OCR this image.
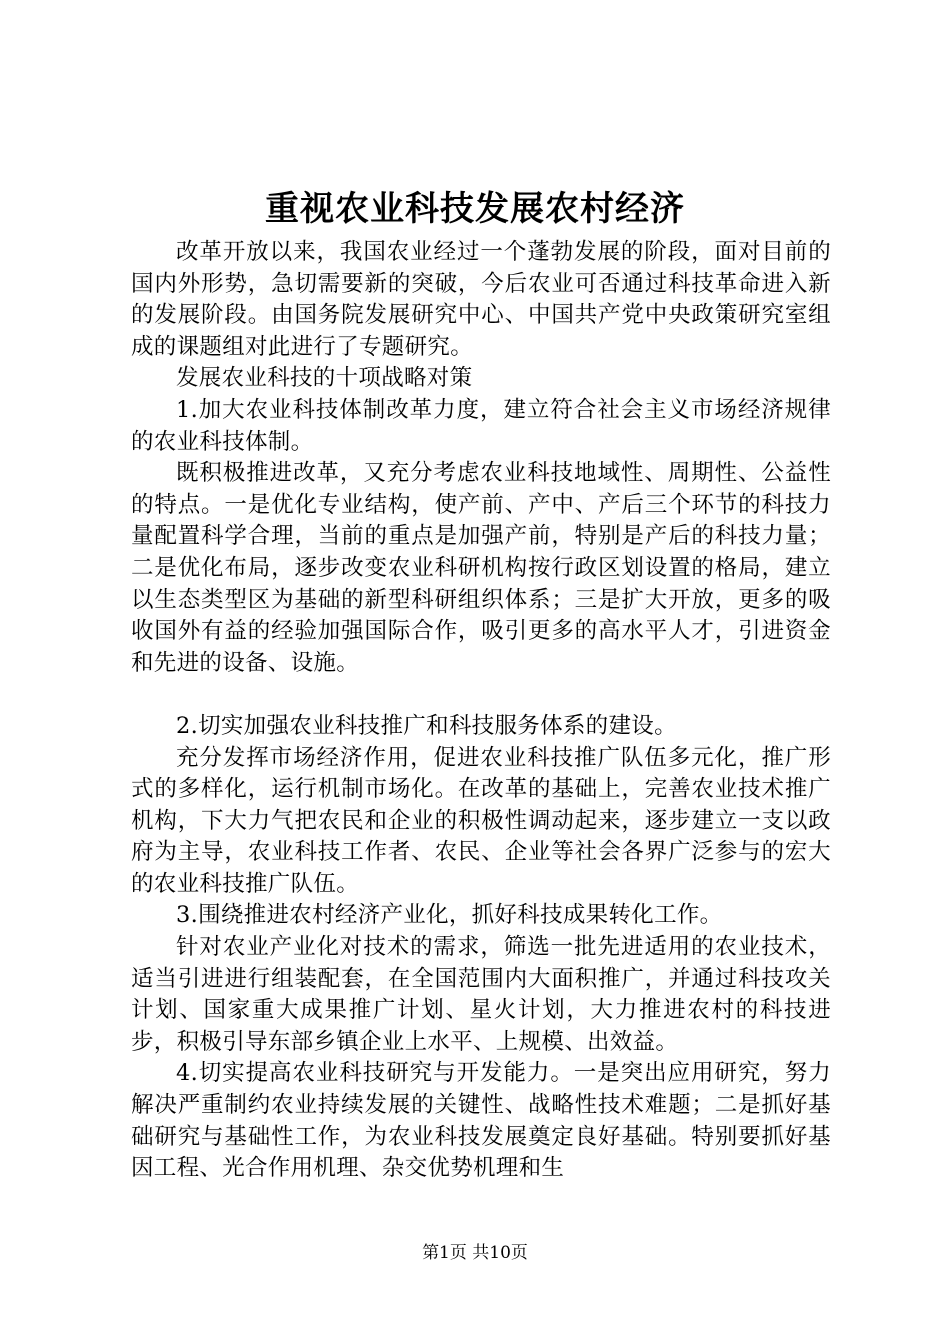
重视农业科技发展农村经济

改革开放以来，我国农业经过一个蓬勃发展的阶段，面对目前的国内外形势，急切需要新的突破，今后农业可否通过科技革命进入新的发展阶段。由国务院发展研究中心、中国共产党中央政策研究室组成的课题组对此进行了专题研究。

发展农业科技的十项战略对策

1.加大农业科技体制改革力度，建立符合社会主义市场经济规律的农业科技体制。

既积极推进改革，又充分考虑农业科技地域性、周期性、公益性的特点。一是优化专业结构，使产前、产中、产后三个环节的科技力量配置科学合理，当前的重点是加强产前，特别是产后的科技力量；二是优化布局，逐步改变农业科研机构按行政区划设置的格局，建立以生态类型区为基础的新型科研组织体系；三是扩大开放，更多的吸收国外有益的经验加强国际合作，吸引更多的高水平人才，引进资金和先进的设备、设施。

2.切实加强农业科技推广和科技服务体系的建设。

充分发挥市场经济作用，促进农业科技推广队伍多元化，推广形式的多样化，运行机制市场化。在改革的基础上，完善农业技术推广机构，下大力气把农民和企业的积极性调动起来，逐步建立一支以政府为主导，农业科技工作者、农民、企业等社会各界广泛参与的宏大的农业科技推广队伍。

3.围绕推进农村经济产业化，抓好科技成果转化工作。

针对农业产业化对技术的需求，筛选一批先进适用的农业技术，适当引进进行组装配套，在全国范围内大面积推广，并通过科技攻关计划、国家重大成果推广计划、星火计划，大力推进农村的科技进步，积极引导东部乡镇企业上水平、上规模、出效益。

4.切实提高农业科技研究与开发能力。一是突出应用研究，努力解决严重制约农业持续发展的关键性、战略性技术难题；二是抓好基础研究与基础性工作，为农业科技发展奠定良好基础。特别要抓好基因工程、光合作用机理、杂交优势机理和生

第1页 共10页
